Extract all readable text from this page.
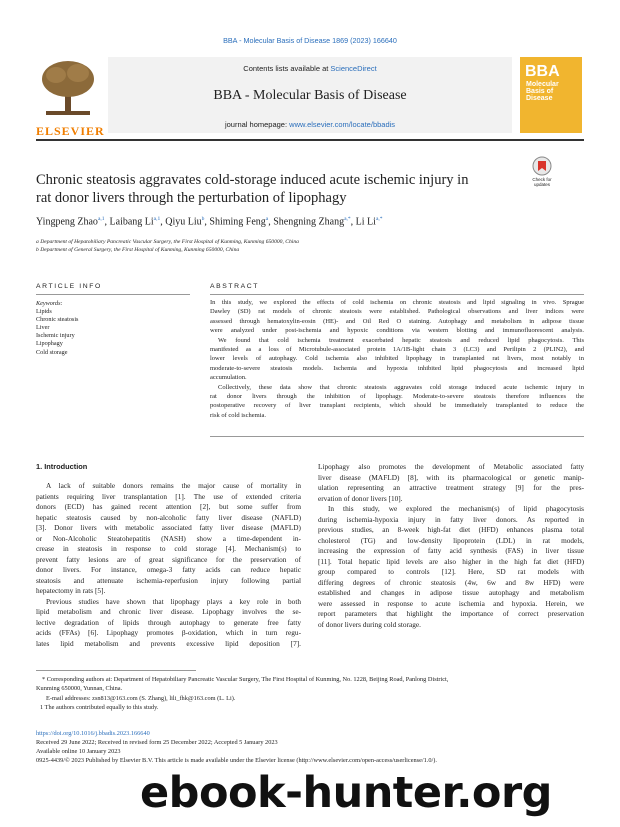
BBA - Molecular Basis of Disease 1869 (2023) 166640
ELSEVIER
Contents lists available at ScienceDirect
BBA - Molecular Basis of Disease
journal homepage: www.elsevier.com/locate/bbadis
BBA
Molecular
Basis of
Disease
Check for
updates
Chronic steatosis aggravates cold-storage induced acute ischemic injury in
rat donor livers through the perturbation of lipophagy
Yingpeng Zhao$^{a,1}$, Laibang Li$^{a,1}$, Qiyu Liu$^b$, Shiming Feng$^a$, Shengning Zhang$^{a,*}$, Li Li$^{a,*}$
a Department of Hepatobiliary Pancreatic Vascular Surgery, the First Hospital of Kunming, Kunming 650000, China
b Department of General Surgery, the First Hospital of Kunming, Kunming 650000, China
ARTICLE INFO
Keywords:
Lipids
Chronic steatosis
Liver
Ischemic injury
Lipophagy
Cold storage
ABSTRACT
In this study, we explored the effects of cold ischemia on chronic steatosis and lipid signaling in vivo. Sprague
Dawley (SD) rat models of chronic steatosis were established. Pathological observations and liver indices were
assessed through hematoxylin-eosin (HE)- and Oil Red O staining. Autophagy and metabolism in adipose tissue
were analyzed under post-ischemia and hypoxic conditions via western blotting and immunofluorescent analysis.
We found that cold ischemia treatment exacerbated hepatic steatosis and reduced lipid phagocytosis. This
manifested as a loss of Microtubule-associated protein 1A/1B-light chain 3 (LC3) and Perilipin 2 (PLIN2), and
lower levels of autophagy. Cold ischemia also inhibited lipophagy in transplanted rat livers, most notably in
moderate-to-severe steatosis models. Ischemia and hypoxia inhibited lipid phagocytosis and increased lipid
accumulation.
Collectively, these data show that chronic steatosis aggravates cold storage induced acute ischemic injury in
rat donor livers through the inhibition of lipophagy. Moderate-to-severe steatosis therefore influences the
postoperative recovery of liver transplant recipients, which should be immediately transplanted to reduce the
risk of cold ischemia.
1. Introduction
A lack of suitable donors remains the major cause of mortality in
patients requiring liver transplantation [1]. The use of extended criteria
donors (ECD) has gained recent attention [2], but some suffer from
hepatic steatosis caused by non-alcoholic fatty liver disease (NAFLD)
[3]. Donor livers with metabolic associated fatty liver disease (MAFLD)
or Non-Alcoholic Steatohepatitis (NASH) show a time-dependent in-
crease in steatosis in response to cold storage [4]. Mechanism(s) to
prevent fatty lesions are of great significance for the preservation of
donor livers. For instance, omega-3 fatty acids can reduce hepatic
steatosis and attenuate ischemia-reperfusion injury following partial
hepatectomy in rats [5].
Previous studies have shown that lipophagy plays a key role in both
lipid metabolism and chronic liver disease. Lipophagy involves the se-
lective degradation of lipids through autophagy to generate free fatty
acids (FFAs) [6]. Lipophagy promotes β-oxidation, which in turn regu-
lates lipid metabolism and prevents excessive lipid deposition [7].
Lipophagy also promotes the development of Metabolic associated fatty
liver disease (MAFLD) [8], with its pharmacological or genetic manip-
ulation representing an attractive treatment strategy [9] for the pres-
ervation of donor livers [10].
In this study, we explored the mechanism(s) of lipid phagocytosis
during ischemia-hypoxia injury in fatty liver donors. As reported in
previous studies, an 8-week high-fat diet (HFD) enhances plasma total
cholesterol (TG) and low-density lipoprotein (LDL) in rat models,
increasing the expression of fatty acid synthesis (FAS) in liver tissue
[11]. Total hepatic lipid levels are also higher in the high fat diet (HFD)
group compared to controls [12]. Here, SD rat models with
differing degrees of chronic steatosis (4w, 6w and 8w HFD) were
established and changes in adipose tissue autophagy and metabolism
were assessed in response to acute ischemia and hypoxia. Herein, we
report parameters that highlight the importance of correct preservation
of donor livers during cold storage.
* Corresponding authors at: Department of Hepatobiliary Pancreatic Vascular Surgery, The First Hospital of Kunming, No. 1228, Beijing Road, Panlong District,
Kunming 650000, Yunnan, China.
E-mail addresses: zsn813@163.com (S. Zhang), lili_fhk@163.com (L. Li).
1 The authors contributed equally to this study.
https://doi.org/10.1016/j.bbadis.2023.166640
Received 29 June 2022; Received in revised form 25 December 2022; Accepted 5 January 2023
Available online 10 January 2023
0925-4439/© 2023 Published by Elsevier B.V. This article is made available under the Elsevier license (http://www.elsevier.com/open-access/userlicense/1.0/).
ebook-hunter.org
